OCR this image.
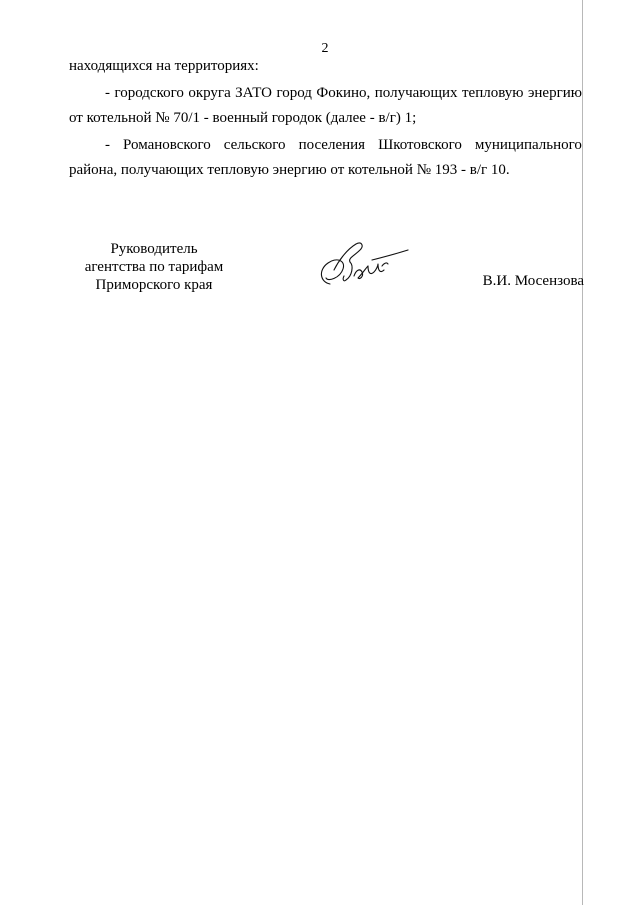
2
находящихся на территориях:
- городского округа ЗАТО город Фокино, получающих тепловую энергию
от котельной № 70/1 - военный городок (далее - в/г) 1;
- Романовского сельского поселения Шкотовского муниципального
района, получающих тепловую энергию от котельной № 193 - в/г 10.
Руководитель
агентства по тарифам
Приморского края	В.И. Мосензова
